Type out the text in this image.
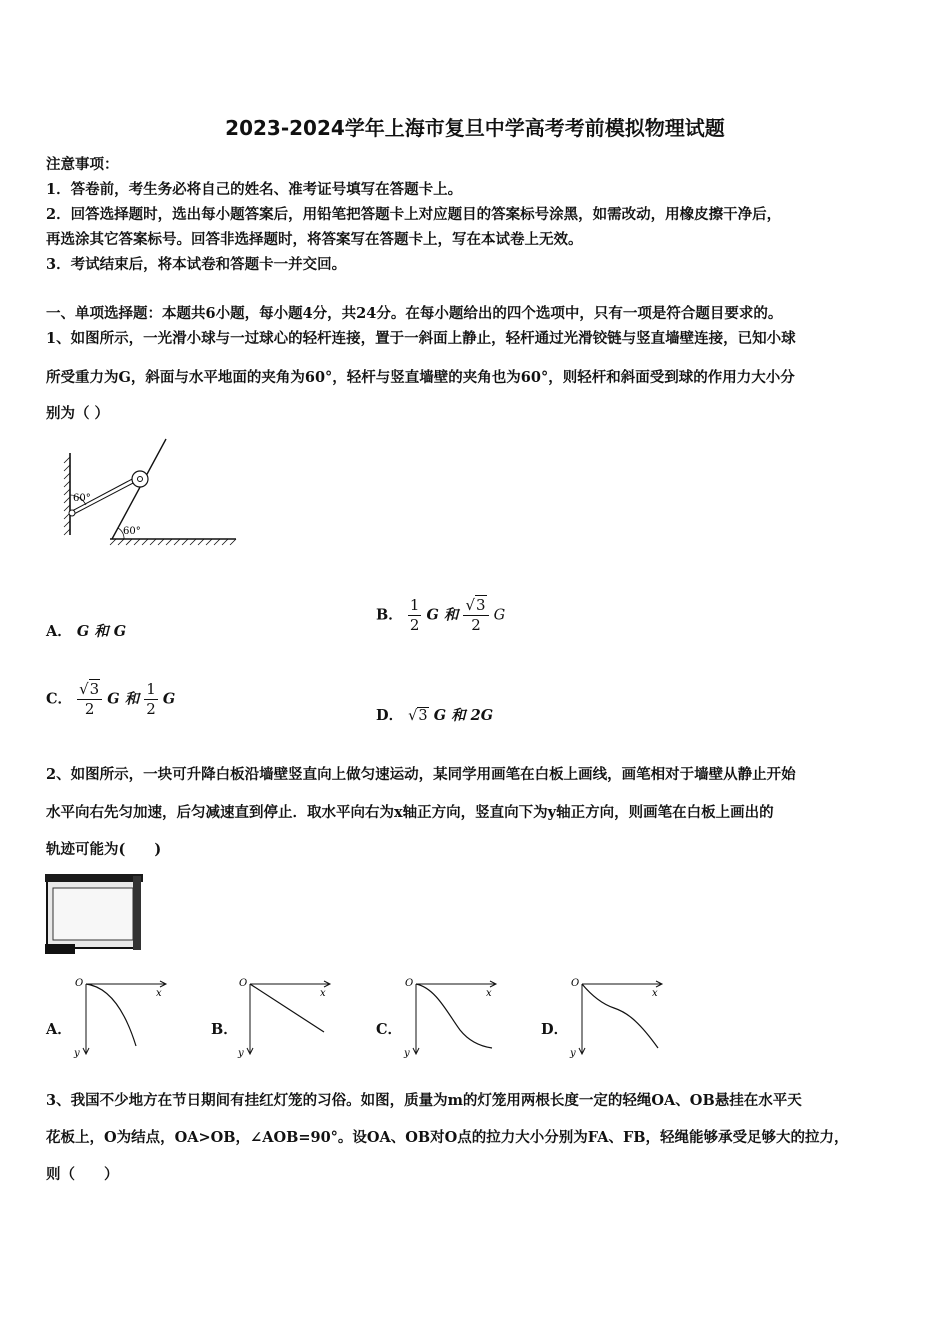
2023-2024学年上海市复旦中学高考考前模拟物理试题
注意事项：
1．答卷前，考生务必将自己的姓名、准考证号填写在答题卡上。
2．回答选择题时，选出每小题答案后，用铅笔把答题卡上对应题目的答案标号涂黑，如需改动，用橡皮擦干净后，
再选涂其它答案标号。回答非选择题时，将答案写在答题卡上，写在本试卷上无效。
3．考试结束后，将本试卷和答题卡一并交回。
一、单项选择题：本题共6小题，每小题4分，共24分。在每小题给出的四个选项中，只有一项是符合题目要求的。
1、如图所示，一光滑小球与一过球心的轻杆连接，置于一斜面上静止，轻杆通过光滑铰链与竖直墙壁连接，已知小球
所受重力为G，斜面与水平地面的夹角为60°，轻杆与竖直墙壁的夹角也为60°，则轻杆和斜面受到球的作用力大小分
别为（ ）
60°
60°
A． G 和 G
B． $\frac{1}{2}$ G 和 $\frac{√3}{2}$ G
C． $\frac{√3}{2}$ G 和 $\frac{1}{2}$ G
D． √3 G 和 2G
2、如图所示，一块可升降白板沿墙壁竖直向上做匀速运动，某同学用画笔在白板上画线，画笔相对于墙壁从静止开始
水平向右先匀加速，后匀减速直到停止．取水平向右为x轴正方向，竖直向下为y轴正方向，则画笔在白板上画出的
轨迹可能为(　　)
A．
O
x
y
B．
O
x
y
C．
O
x
y
D．
O
x
y
3、我国不少地方在节日期间有挂红灯笼的习俗。如图，质量为m的灯笼用两根长度一定的轻绳OA、OB悬挂在水平天
花板上，O为结点，OA>OB，∠AOB=90°。设OA、OB对O点的拉力大小分别为FA、FB，轻绳能够承受足够大的拉力，
则（　　）
